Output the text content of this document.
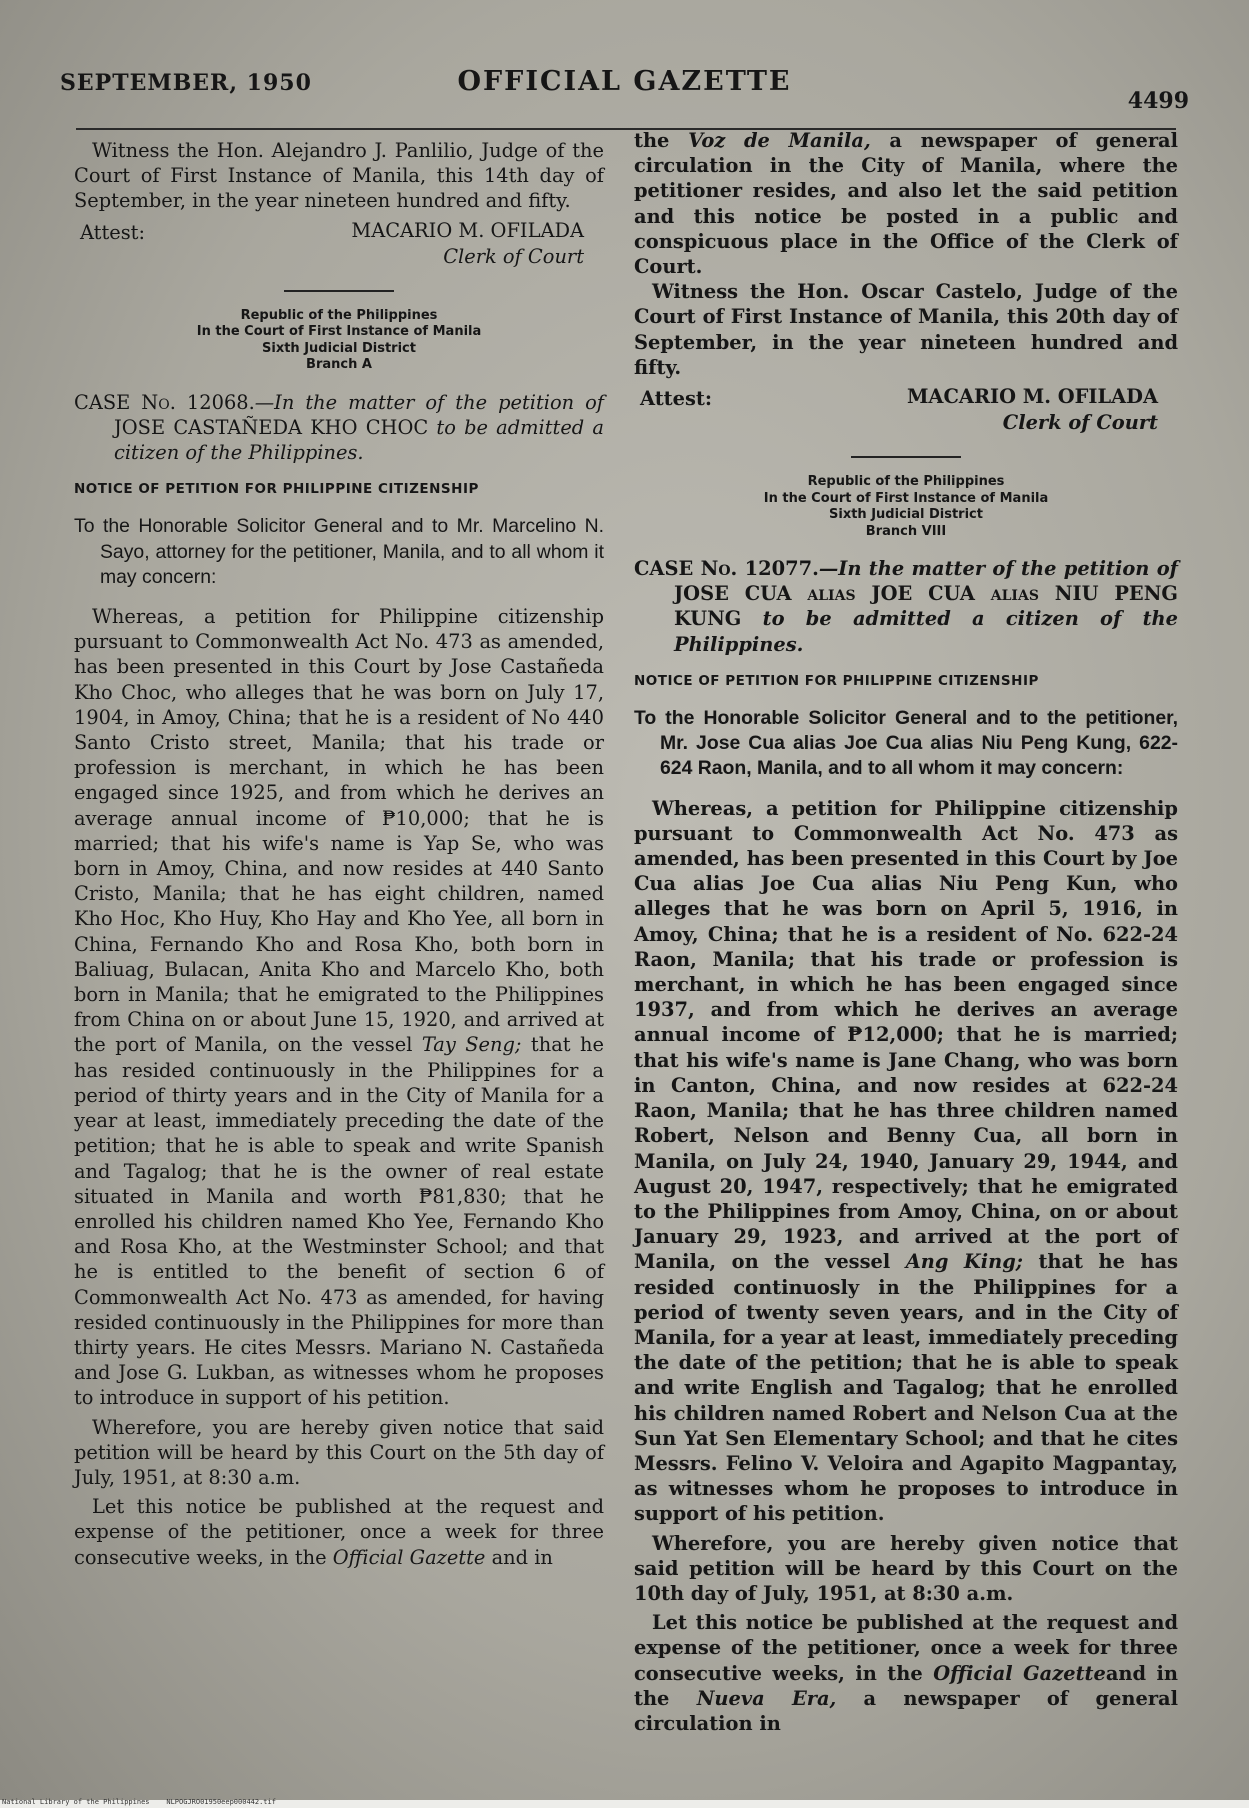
SEPTEMBER, 1950	OFFICIAL GAZETTE
4499

Witness the Hon. Alejandro J. Panlilio, Judge of the Court of First Instance of Manila, this 14th day of September, in the year nineteen hundred and fifty.

Attest:	MACARIO M. OFILADA
Clerk of Court
Republic of the Philippines
In the Court of First Instance of Manila
Sixth Judicial District
Branch A

CASE No. 12068.—In the matter of the petition of JOSE CASTAÑEDA KHO CHOC to be admitted a citizen of the Philippines.

NOTICE OF PETITION FOR PHILIPPINE CITIZENSHIP

To the Honorable Solicitor General and to Mr. Marcelino N. Sayo, attorney for the petitioner, Manila, and to all whom it may concern:

Whereas, a petition for Philippine citizenship pursuant to Commonwealth Act No. 473 as amended, has been presented in this Court by Jose Castañeda Kho Choc, who alleges that he was born on July 17, 1904, in Amoy, China; that he is a resident of No 440 Santo Cristo street, Manila; that his trade or profession is merchant, in which he has been engaged since 1925, and from which he derives an average annual income of ₱10,000; that he is married; that his wife's name is Yap Se, who was born in Amoy, China, and now resides at 440 Santo Cristo, Manila; that he has eight children, named Kho Hoc, Kho Huy, Kho Hay and Kho Yee, all born in China, Fernando Kho and Rosa Kho, both born in Baliuag, Bulacan, Anita Kho and Marcelo Kho, both born in Manila; that he emigrated to the Philippines from China on or about June 15, 1920, and arrived at the port of Manila, on the vessel Tay Seng; that he has resided continuously in the Philippines for a period of thirty years and in the City of Manila for a year at least, immediately preceding the date of the petition; that he is able to speak and write Spanish and Tagalog; that he is the owner of real estate situated in Manila and worth ₱81,830; that he enrolled his children named Kho Yee, Fernando Kho and Rosa Kho, at the Westminster School; and that he is entitled to the benefit of section 6 of Commonwealth Act No. 473 as amended, for having resided continuously in the Philippines for more than thirty years. He cites Messrs. Mariano N. Castañeda and Jose G. Lukban, as witnesses whom he proposes to introduce in support of his petition.

Wherefore, you are hereby given notice that said petition will be heard by this Court on the 5th day of July, 1951, at 8:30 a.m.

Let this notice be published at the request and expense of the petitioner, once a week for three consecutive weeks, in the Official Gazette and in

the Voz de Manila, a newspaper of general circulation in the City of Manila, where the petitioner resides, and also let the said petition and this notice be posted in a public and conspicuous place in the Office of the Clerk of Court.

Witness the Hon. Oscar Castelo, Judge of the Court of First Instance of Manila, this 20th day of September, in the year nineteen hundred and fifty.

Attest:	MACARIO M. OFILADA
Clerk of Court
Republic of the Philippines
In the Court of First Instance of Manila
Sixth Judicial District
Branch VIII

CASE No. 12077.—In the matter of the petition of JOSE CUA alias JOE CUA alias NIU PENG KUNG to be admitted a citizen of the Philippines.

NOTICE OF PETITION FOR PHILIPPINE CITIZENSHIP

To the Honorable Solicitor General and to the petitioner, Mr. Jose Cua alias Joe Cua alias Niu Peng Kung, 622-624 Raon, Manila, and to all whom it may concern:

Whereas, a petition for Philippine citizenship pursuant to Commonwealth Act No. 473 as amended, has been presented in this Court by Joe Cua alias Joe Cua alias Niu Peng Kun, who alleges that he was born on April 5, 1916, in Amoy, China; that he is a resident of No. 622-24 Raon, Manila; that his trade or profession is merchant, in which he has been engaged since 1937, and from which he derives an average annual income of ₱12,000; that he is married; that his wife's name is Jane Chang, who was born in Canton, China, and now resides at 622-24 Raon, Manila; that he has three children named Robert, Nelson and Benny Cua, all born in Manila, on July 24, 1940, January 29, 1944, and August 20, 1947, respectively; that he emigrated to the Philippines from Amoy, China, on or about January 29, 1923, and arrived at the port of Manila, on the vessel Ang King; that he has resided continuosly in the Philippines for a period of twenty seven years, and in the City of Manila, for a year at least, immediately preceding the date of the petition; that he is able to speak and write English and Tagalog; that he enrolled his children named Robert and Nelson Cua at the Sun Yat Sen Elementary School; and that he cites Messrs. Felino V. Veloira and Agapito Magpantay, as witnesses whom he proposes to introduce in support of his petition.

Wherefore, you are hereby given notice that said petition will be heard by this Court on the 10th day of July, 1951, at 8:30 a.m.

Let this notice be published at the request and expense of the petitioner, once a week for three consecutive weeks, in the Official Gazetteand in the Nueva Era, a newspaper of general circulation in

National Library of the Philippines NLPOGJRO01950eep000442.tif
